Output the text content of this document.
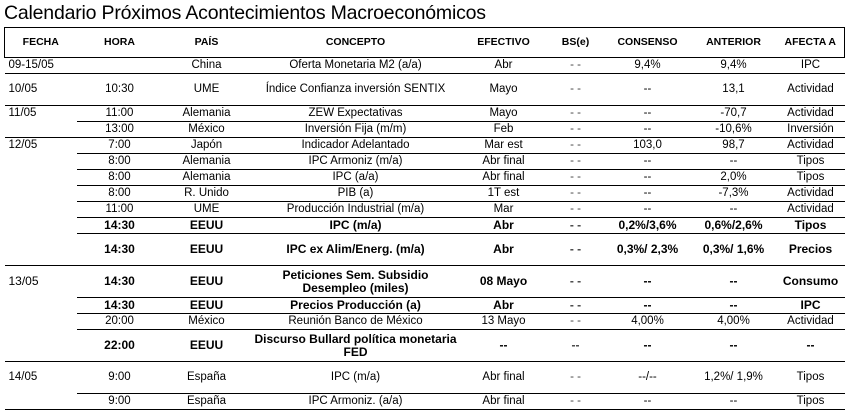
Calendario Próximos Acontecimientos Macroeconómicos
FECHA	HORA	PAÍS	CONCEPTO	EFECTIVO	BS(e)	CONSENSO	ANTERIOR	AFECTA A
09-15/05		China	Oferta Monetaria M2 (a/a)	Abr	- -	9,4%	9,4%	IPC
10/05	10:30	UME	Índice Confianza inversión SENTIX	Mayo	- -	--	13,1	Actividad
11/05	11:00	Alemania	ZEW Expectativas	Mayo	- -	--	-70,7	Actividad
	13:00	México	Inversión Fija (m/m)	Feb	- -	--	-10,6%	Inversión
12/05	7:00	Japón	Indicador Adelantado	Mar est	- -	103,0	98,7	Actividad
	8:00	Alemania	IPC Armoniz (m/a)	Abr final	- -	--	--	Tipos
	8:00	Alemania	IPC (a/a)	Abr final	- -	--	2,0%	Tipos
	8:00	R. Unido	PIB (a)	1T est	- -	--	-7,3%	Actividad
	11:00	UME	Producción Industrial (m/a)	Mar	- -	--	--	Actividad
	14:30	EEUU	IPC (m/a)	Abr	- -	0,2%/3,6%	0,6%/2,6%	Tipos
	14:30	EEUU	IPC ex Alim/Energ. (m/a)	Abr	- -	0,3%/ 2,3%	0,3%/ 1,6%	Precios
13/05	14:30	EEUU	Peticiones Sem. Subsidio Desempleo (miles)	08 Mayo	- -	--	--	Consumo
	14:30	EEUU	Precios Producción (a)	Abr	- -	--	--	IPC
	20:00	México	Reunión Banco de México	13 Mayo	- -	4,00%	4,00%	Actividad
	22:00	EEUU	Discurso Bullard política monetaria FED	--	--	--	--	--
14/05	9:00	España	IPC (m/a)	Abr final	- -	--/--	1,2%/ 1,9%	Tipos
	9:00	España	IPC Armoniz. (a/a)	Abr final	- -	--	--	Tipos
